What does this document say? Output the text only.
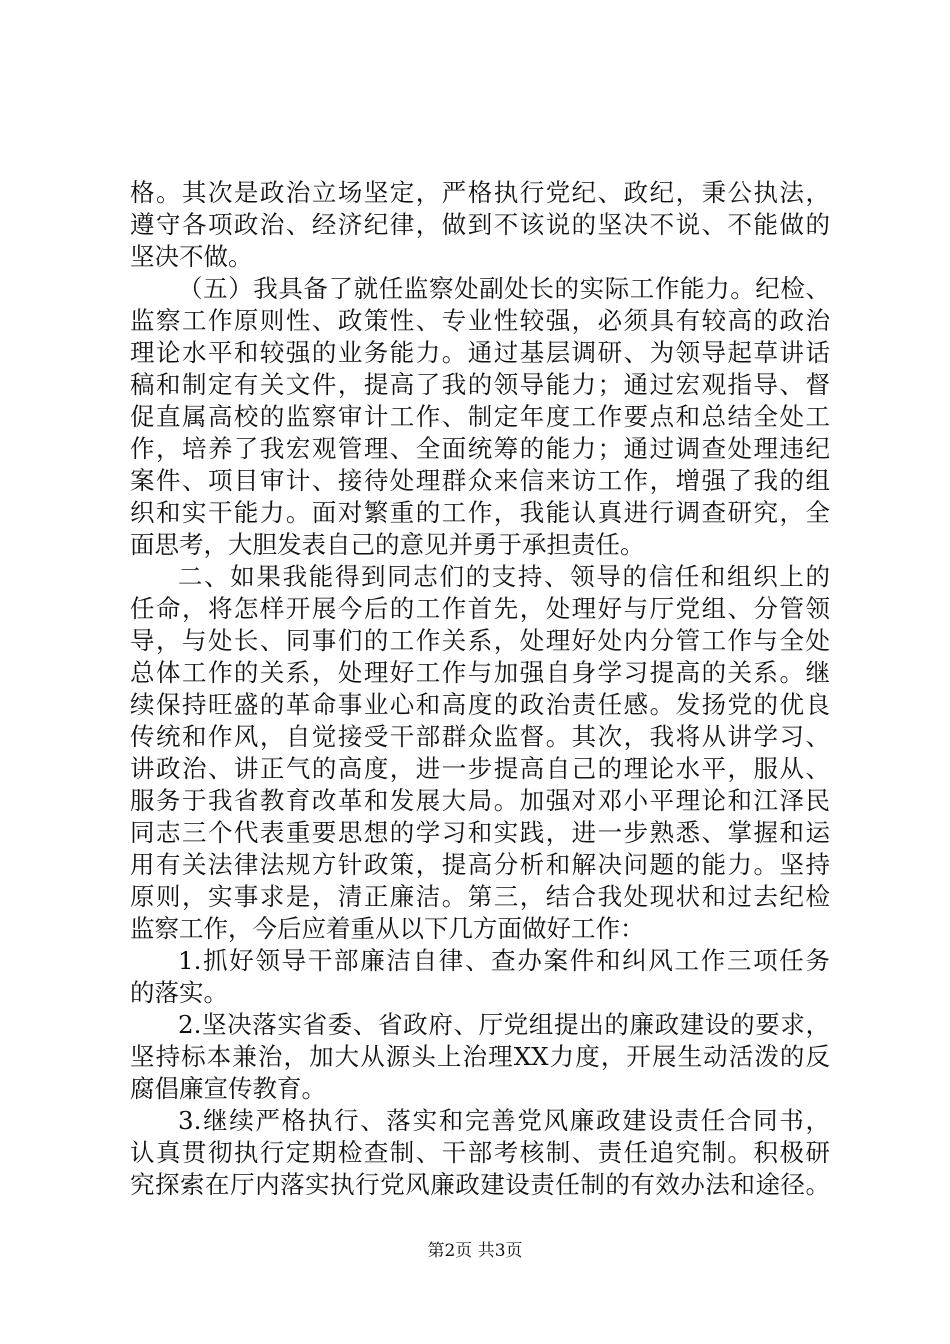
格。其次是政治立场坚定，严格执行党纪、政纪，秉公执法，
遵守各项政治、经济纪律，做到不该说的坚决不说、不能做的
坚决不做。
（五）我具备了就任监察处副处长的实际工作能力。纪检、
监察工作原则性、政策性、专业性较强，必须具有较高的政治
理论水平和较强的业务能力。通过基层调研、为领导起草讲话
稿和制定有关文件，提高了我的领导能力；通过宏观指导、督
促直属高校的监察审计工作、制定年度工作要点和总结全处工
作，培养了我宏观管理、全面统筹的能力；通过调查处理违纪
案件、项目审计、接待处理群众来信来访工作，增强了我的组
织和实干能力。面对繁重的工作，我能认真进行调查研究，全
面思考，大胆发表自己的意见并勇于承担责任。
二、如果我能得到同志们的支持、领导的信任和组织上的
任命，将怎样开展今后的工作首先，处理好与厅党组、分管领
导，与处长、同事们的工作关系，处理好处内分管工作与全处
总体工作的关系，处理好工作与加强自身学习提高的关系。继
续保持旺盛的革命事业心和高度的政治责任感。发扬党的优良
传统和作风，自觉接受干部群众监督。其次，我将从讲学习、
讲政治、讲正气的高度，进一步提高自己的理论水平，服从、
服务于我省教育改革和发展大局。加强对邓小平理论和江泽民
同志三个代表重要思想的学习和实践，进一步熟悉、掌握和运
用有关法律法规方针政策，提高分析和解决问题的能力。坚持
原则，实事求是，清正廉洁。第三，结合我处现状和过去纪检
监察工作，今后应着重从以下几方面做好工作：
1.抓好领导干部廉洁自律、查办案件和纠风工作三项任务
的落实。
2.坚决落实省委、省政府、厅党组提出的廉政建设的要求，
坚持标本兼治，加大从源头上治理XX力度，开展生动活泼的反
腐倡廉宣传教育。
3.继续严格执行、落实和完善党风廉政建设责任合同书，
认真贯彻执行定期检查制、干部考核制、责任追究制。积极研
究探索在厅内落实执行党风廉政建设责任制的有效办法和途径。
第2页 共3页
